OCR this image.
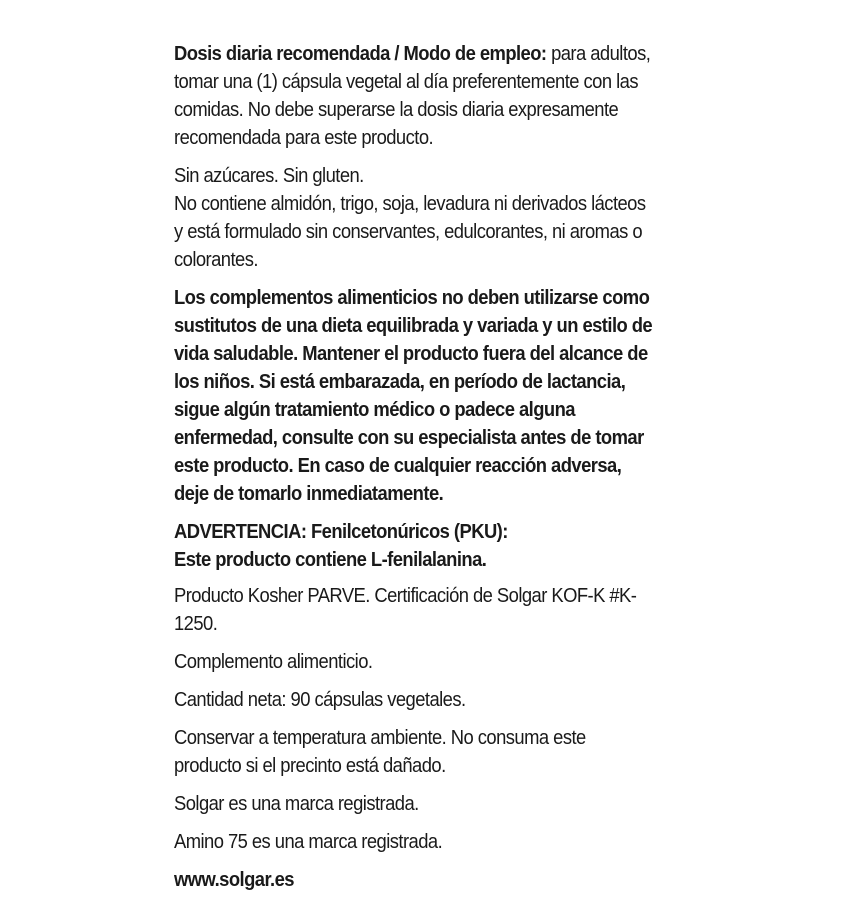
Dosis diaria recomendada / Modo de empleo: para adultos, tomar una (1) cápsula vegetal al día preferentemente con las comidas. No debe superarse la dosis diaria expresamente recomendada para este producto.

Sin azúcares. Sin gluten.
No contiene almidón, trigo, soja, levadura ni derivados lácteos y está formulado sin conservantes, edulcorantes, ni aromas o colorantes.

Los complementos alimenticios no deben utilizarse como sustitutos de una dieta equilibrada y variada y un estilo de vida saludable. Mantener el producto fuera del alcance de los niños. Si está embarazada, en período de lactancia, sigue algún tratamiento médico o padece alguna enfermedad, consulte con su especialista antes de tomar este producto. En caso de cualquier reacción adversa, deje de tomarlo inmediatamente.

ADVERTENCIA: Fenilcetonúricos (PKU):
Este producto contiene L-fenilalanina.

Producto Kosher PARVE. Certificación de Solgar KOF-K #K-1250.

Complemento alimenticio.

Cantidad neta: 90 cápsulas vegetales.

Conservar a temperatura ambiente. No consuma este producto si el precinto está dañado.

Solgar es una marca registrada.

Amino 75 es una marca registrada.

www.solgar.es
